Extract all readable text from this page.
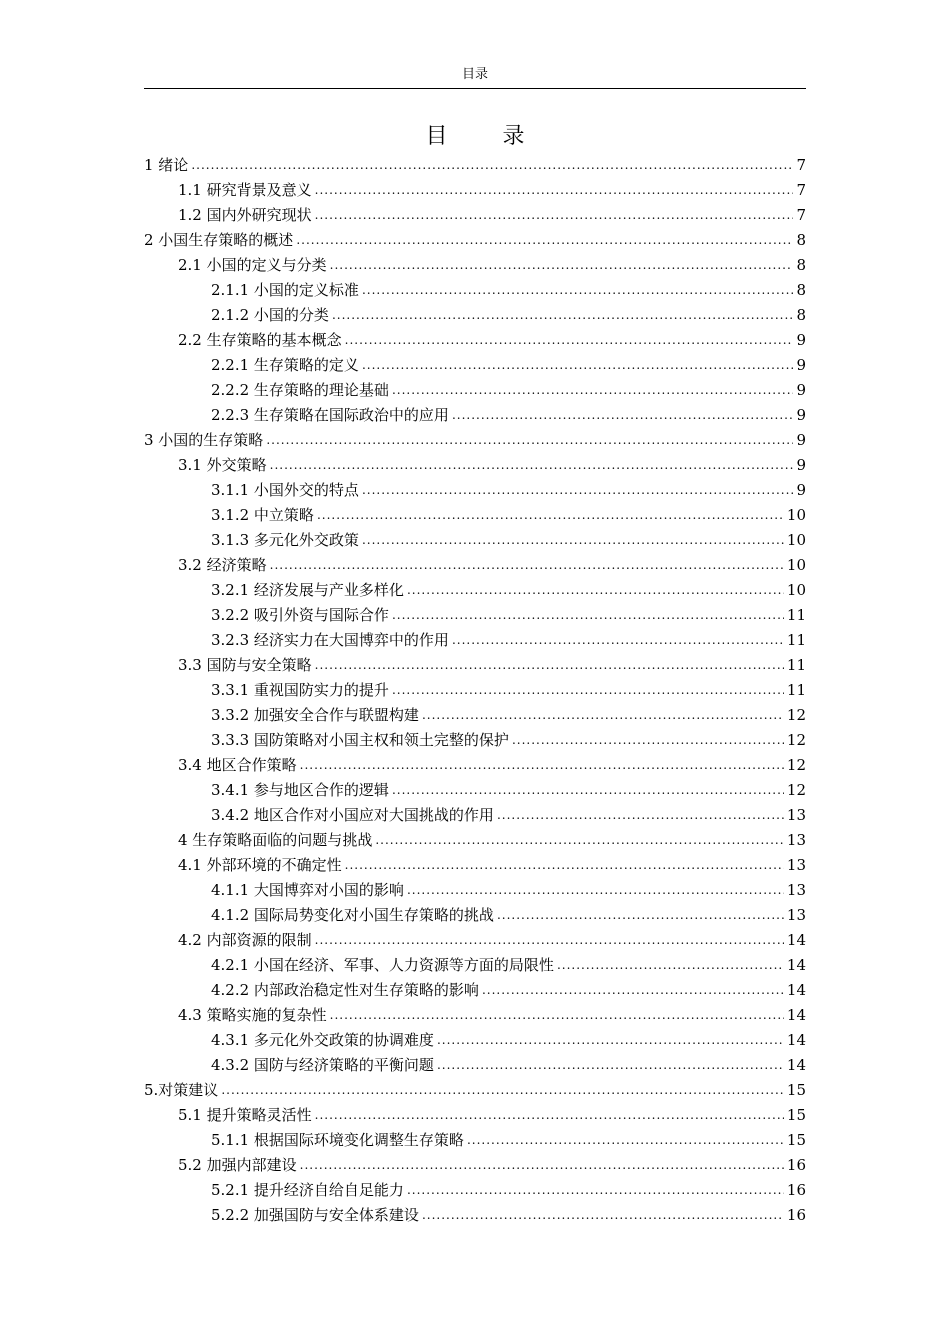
目录
目 录
1 绪论 .....	7
1.1 研究背景及意义 .....	7
1.2 国内外研究现状 .....	7
2 小国生存策略的概述 .....	8
2.1 小国的定义与分类 .....	8
2.1.1 小国的定义标准 .....	8
2.1.2 小国的分类 .....	8
2.2 生存策略的基本概念 .....	9
2.2.1 生存策略的定义 .....	9
2.2.2 生存策略的理论基础 .....	9
2.2.3 生存策略在国际政治中的应用 .....	9
3 小国的生存策略 .....	9
3.1 外交策略 .....	9
3.1.1 小国外交的特点 .....	9
3.1.2 中立策略 .....	10
3.1.3 多元化外交政策 .....	10
3.2 经济策略 .....	10
3.2.1 经济发展与产业多样化 .....	10
3.2.2 吸引外资与国际合作 .....	11
3.2.3 经济实力在大国博弈中的作用 .....	11
3.3 国防与安全策略 .....	11
3.3.1 重视国防实力的提升 .....	11
3.3.2 加强安全合作与联盟构建 .....	12
3.3.3 国防策略对小国主权和领土完整的保护 .....	12
3.4 地区合作策略 .....	12
3.4.1 参与地区合作的逻辑 .....	12
3.4.2 地区合作对小国应对大国挑战的作用 .....	13
4 生存策略面临的问题与挑战 .....	13
4.1 外部环境的不确定性 .....	13
4.1.1 大国博弈对小国的影响 .....	13
4.1.2 国际局势变化对小国生存策略的挑战 .....	13
4.2 内部资源的限制 .....	14
4.2.1 小国在经济、军事、人力资源等方面的局限性 .....	14
4.2.2 内部政治稳定性对生存策略的影响 .....	14
4.3 策略实施的复杂性 .....	14
4.3.1 多元化外交政策的协调难度 .....	14
4.3.2 国防与经济策略的平衡问题 .....	14
5.对策建议 .....	15
5.1 提升策略灵活性 .....	15
5.1.1 根据国际环境变化调整生存策略 .....	15
5.2 加强内部建设 .....	16
5.2.1 提升经济自给自足能力 .....	16
5.2.2 加强国防与安全体系建设 .....	16
